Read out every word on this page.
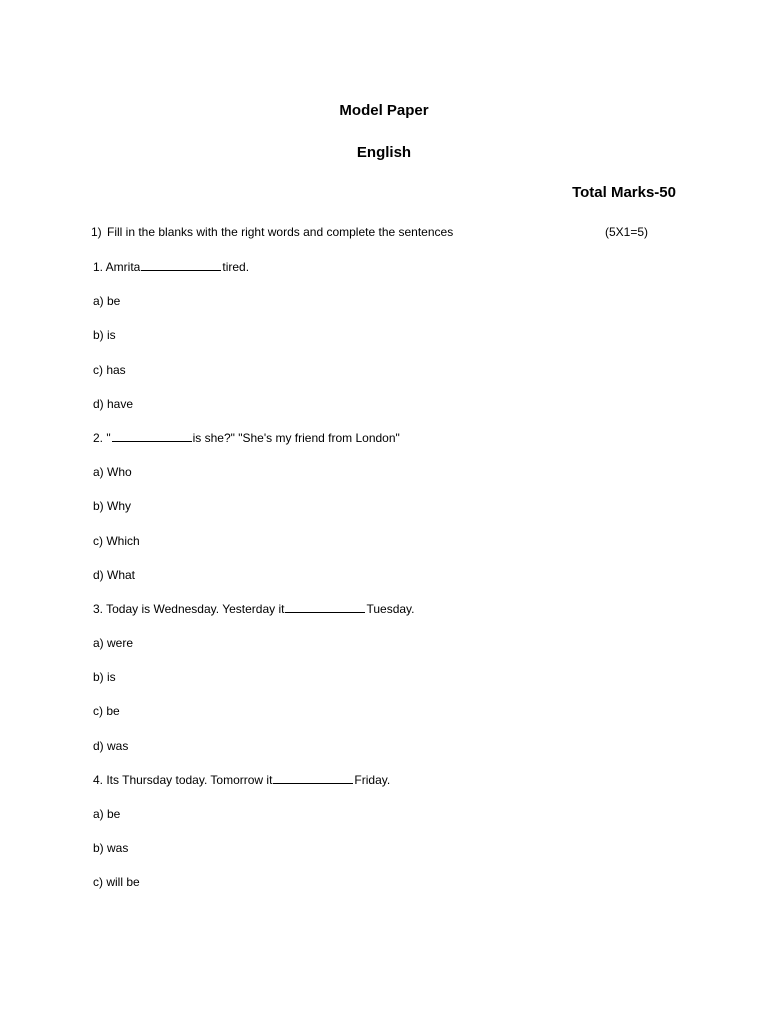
Model Paper
English
Total Marks-50
1) Fill in the blanks with the right words and complete the sentences	(5X1=5)
1. Amrita	tired.
a) be
b) is
c) has
d) have
2. "	is she?" "She's my friend from London"
a) Who
b) Why
c) Which
d) What
3. Today is Wednesday. Yesterday it	Tuesday.
a) were
b) is
c) be
d) was
4. Its Thursday today. Tomorrow it	Friday.
a) be
b) was
c) will be
